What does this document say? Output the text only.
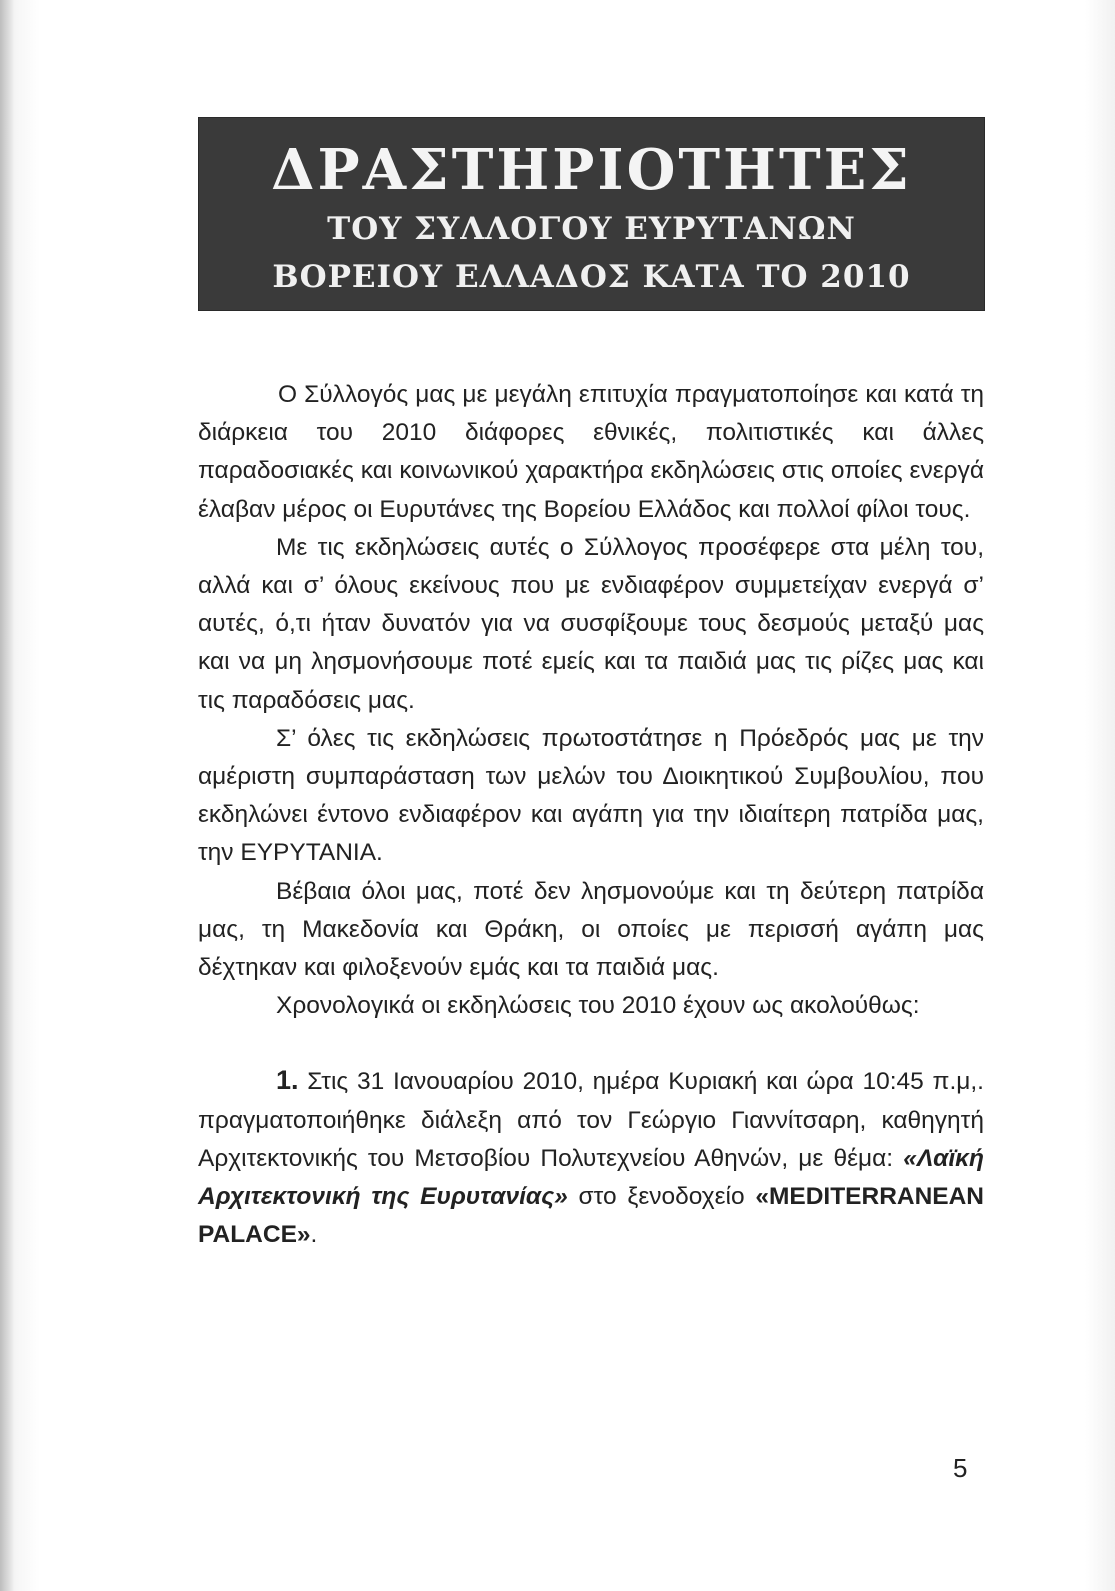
ΔΡΑΣΤΗΡΙΟΤΗΤΕΣ
ΤΟΥ ΣΥΛΛΟΓΟΥ ΕΥΡΥΤΑΝΩΝ
ΒΟΡΕΙΟΥ ΕΛΛΑΔΟΣ ΚΑΤΑ ΤΟ 2010

Ο Σύλλογός μας με μεγάλη επιτυχία πραγματοποίησε και κατά τη διάρκεια του 2010 διάφορες εθνικές, πολιτιστικές και άλλες παραδοσιακές και κοινωνικού χαρακτήρα εκδηλώσεις στις οποίες ενεργά έλαβαν μέρος οι Ευρυτάνες της Βορείου Ελλάδος και πολλοί φίλοι τους.

Με τις εκδηλώσεις αυτές ο Σύλλογος προσέφερε στα μέλη του, αλλά και σ’ όλους εκείνους που με ενδιαφέρον συμμετείχαν ενεργά σ’ αυτές, ό,τι ήταν δυνατόν για να συσφίξουμε τους δεσμούς μεταξύ μας και να μη λησμονήσουμε ποτέ εμείς και τα παιδιά μας τις ρίζες μας και τις παραδόσεις μας.

Σ’ όλες τις εκδηλώσεις πρωτοστάτησε η Πρόεδρός μας με την αμέριστη συμπαράσταση των μελών του Διοικητικού Συμβουλίου, που εκδηλώνει έντονο ενδιαφέρον και αγάπη για την ιδιαίτερη πατρίδα μας, την ΕΥΡΥΤΑΝΙΑ.

Βέβαια όλοι μας, ποτέ δεν λησμονούμε και τη δεύτερη πατρίδα μας, τη Μακεδονία και Θράκη, οι οποίες με περισσή αγάπη μας δέχτηκαν και φιλοξενούν εμάς και τα παιδιά μας.

Χρονολογικά οι εκδηλώσεις του 2010 έχουν ως ακολούθως:

1. Στις 31 Ιανουαρίου 2010, ημέρα Κυριακή και ώρα 10:45 π.μ,. πραγματοποιήθηκε διάλεξη από τον Γεώργιο Γιαννίτσαρη, καθηγητή Αρχιτεκτονικής του Μετσοβίου Πολυτεχνείου Αθηνών, με θέμα: «Λαϊκή Αρχιτεκτονική της Ευρυτανίας» στο ξενοδοχείο «MEDITERRANEAN PALACE».

5
